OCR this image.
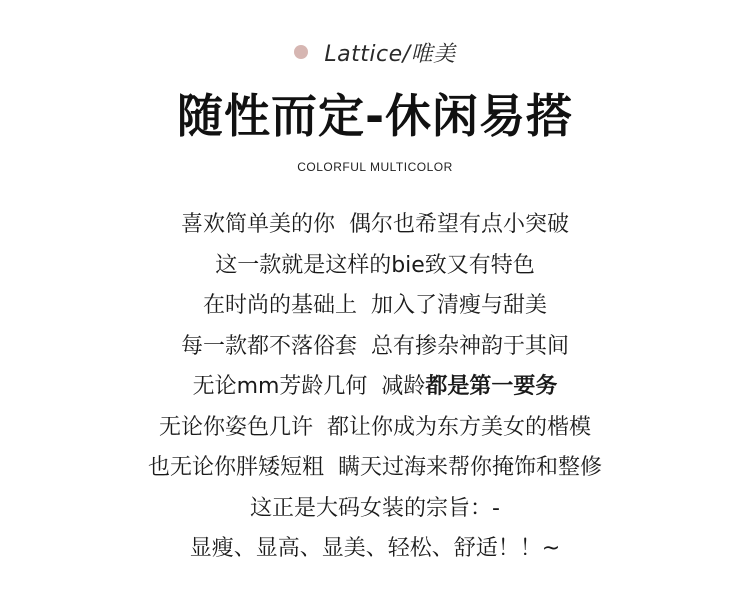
Lattice/唯美
随性而定-休闲易搭
COLORFUL MULTICOLOR
喜欢简单美的你  偶尔也希望有点小突破
这一款就是这样的bie致又有特色
在时尚的基础上  加入了清瘦与甜美
每一款都不落俗套  总有掺杂神韵于其间
无论mm芳龄几何  减龄都是第一要务
无论你姿色几许  都让你成为东方美女的楷模
也无论你胖矮短粗  瞒天过海来帮你掩饰和整修
这正是大码女装的宗旨：-
显瘦、显高、显美、轻松、舒适！！~
